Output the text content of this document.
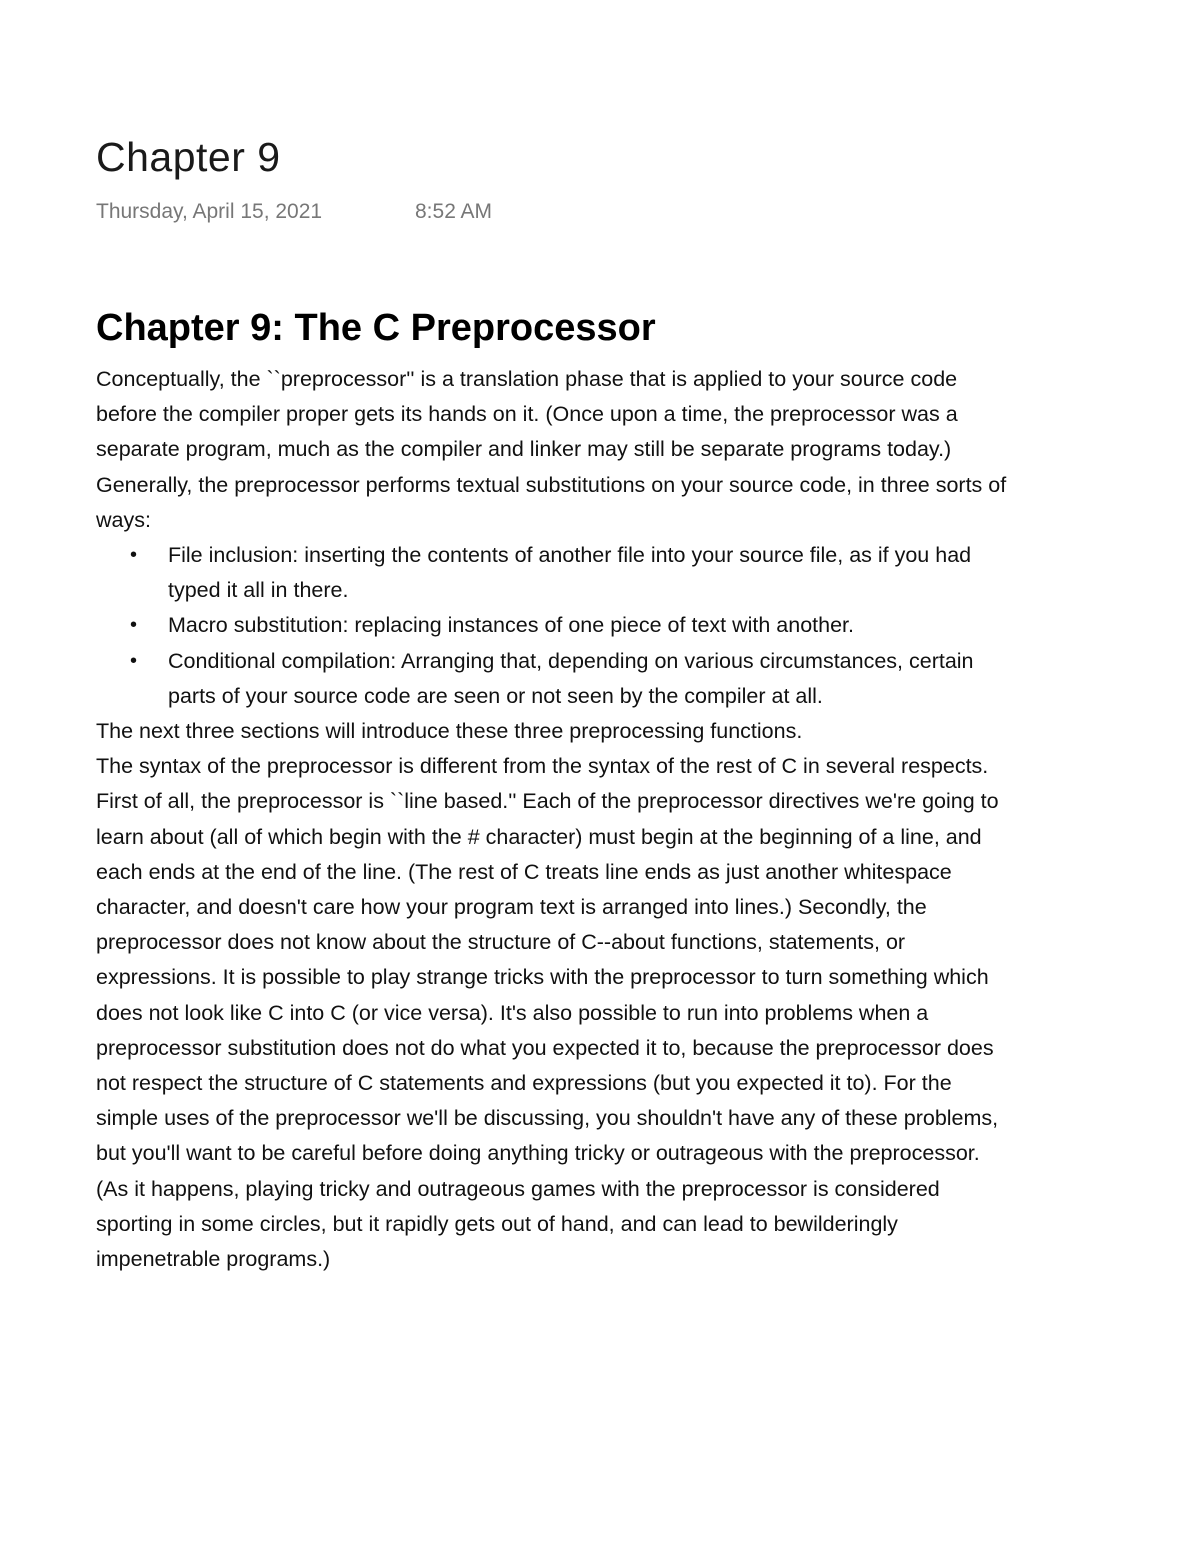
Chapter 9
Thursday, April 15, 2021	8:52 AM
Chapter 9: The C Preprocessor

Conceptually, the ``preprocessor'' is a translation phase that is applied to your source code

before the compiler proper gets its hands on it. (Once upon a time, the preprocessor was a

separate program, much as the compiler and linker may still be separate programs today.)

Generally, the preprocessor performs textual substitutions on your source code, in three sorts of

ways:

• File inclusion: inserting the contents of another file into your source file, as if you had
typed it all in there.
• Macro substitution: replacing instances of one piece of text with another.
• Conditional compilation: Arranging that, depending on various circumstances, certain
parts of your source code are seen or not seen by the compiler at all.

The next three sections will introduce these three preprocessing functions.

The syntax of the preprocessor is different from the syntax of the rest of C in several respects.

First of all, the preprocessor is ``line based.'' Each of the preprocessor directives we're going to

learn about (all of which begin with the # character) must begin at the beginning of a line, and

each ends at the end of the line. (The rest of C treats line ends as just another whitespace

character, and doesn't care how your program text is arranged into lines.) Secondly, the

preprocessor does not know about the structure of C--about functions, statements, or

expressions. It is possible to play strange tricks with the preprocessor to turn something which

does not look like C into C (or vice versa). It's also possible to run into problems when a

preprocessor substitution does not do what you expected it to, because the preprocessor does

not respect the structure of C statements and expressions (but you expected it to). For the

simple uses of the preprocessor we'll be discussing, you shouldn't have any of these problems,

but you'll want to be careful before doing anything tricky or outrageous with the preprocessor.

(As it happens, playing tricky and outrageous games with the preprocessor is considered

sporting in some circles, but it rapidly gets out of hand, and can lead to bewilderingly

impenetrable programs.)
